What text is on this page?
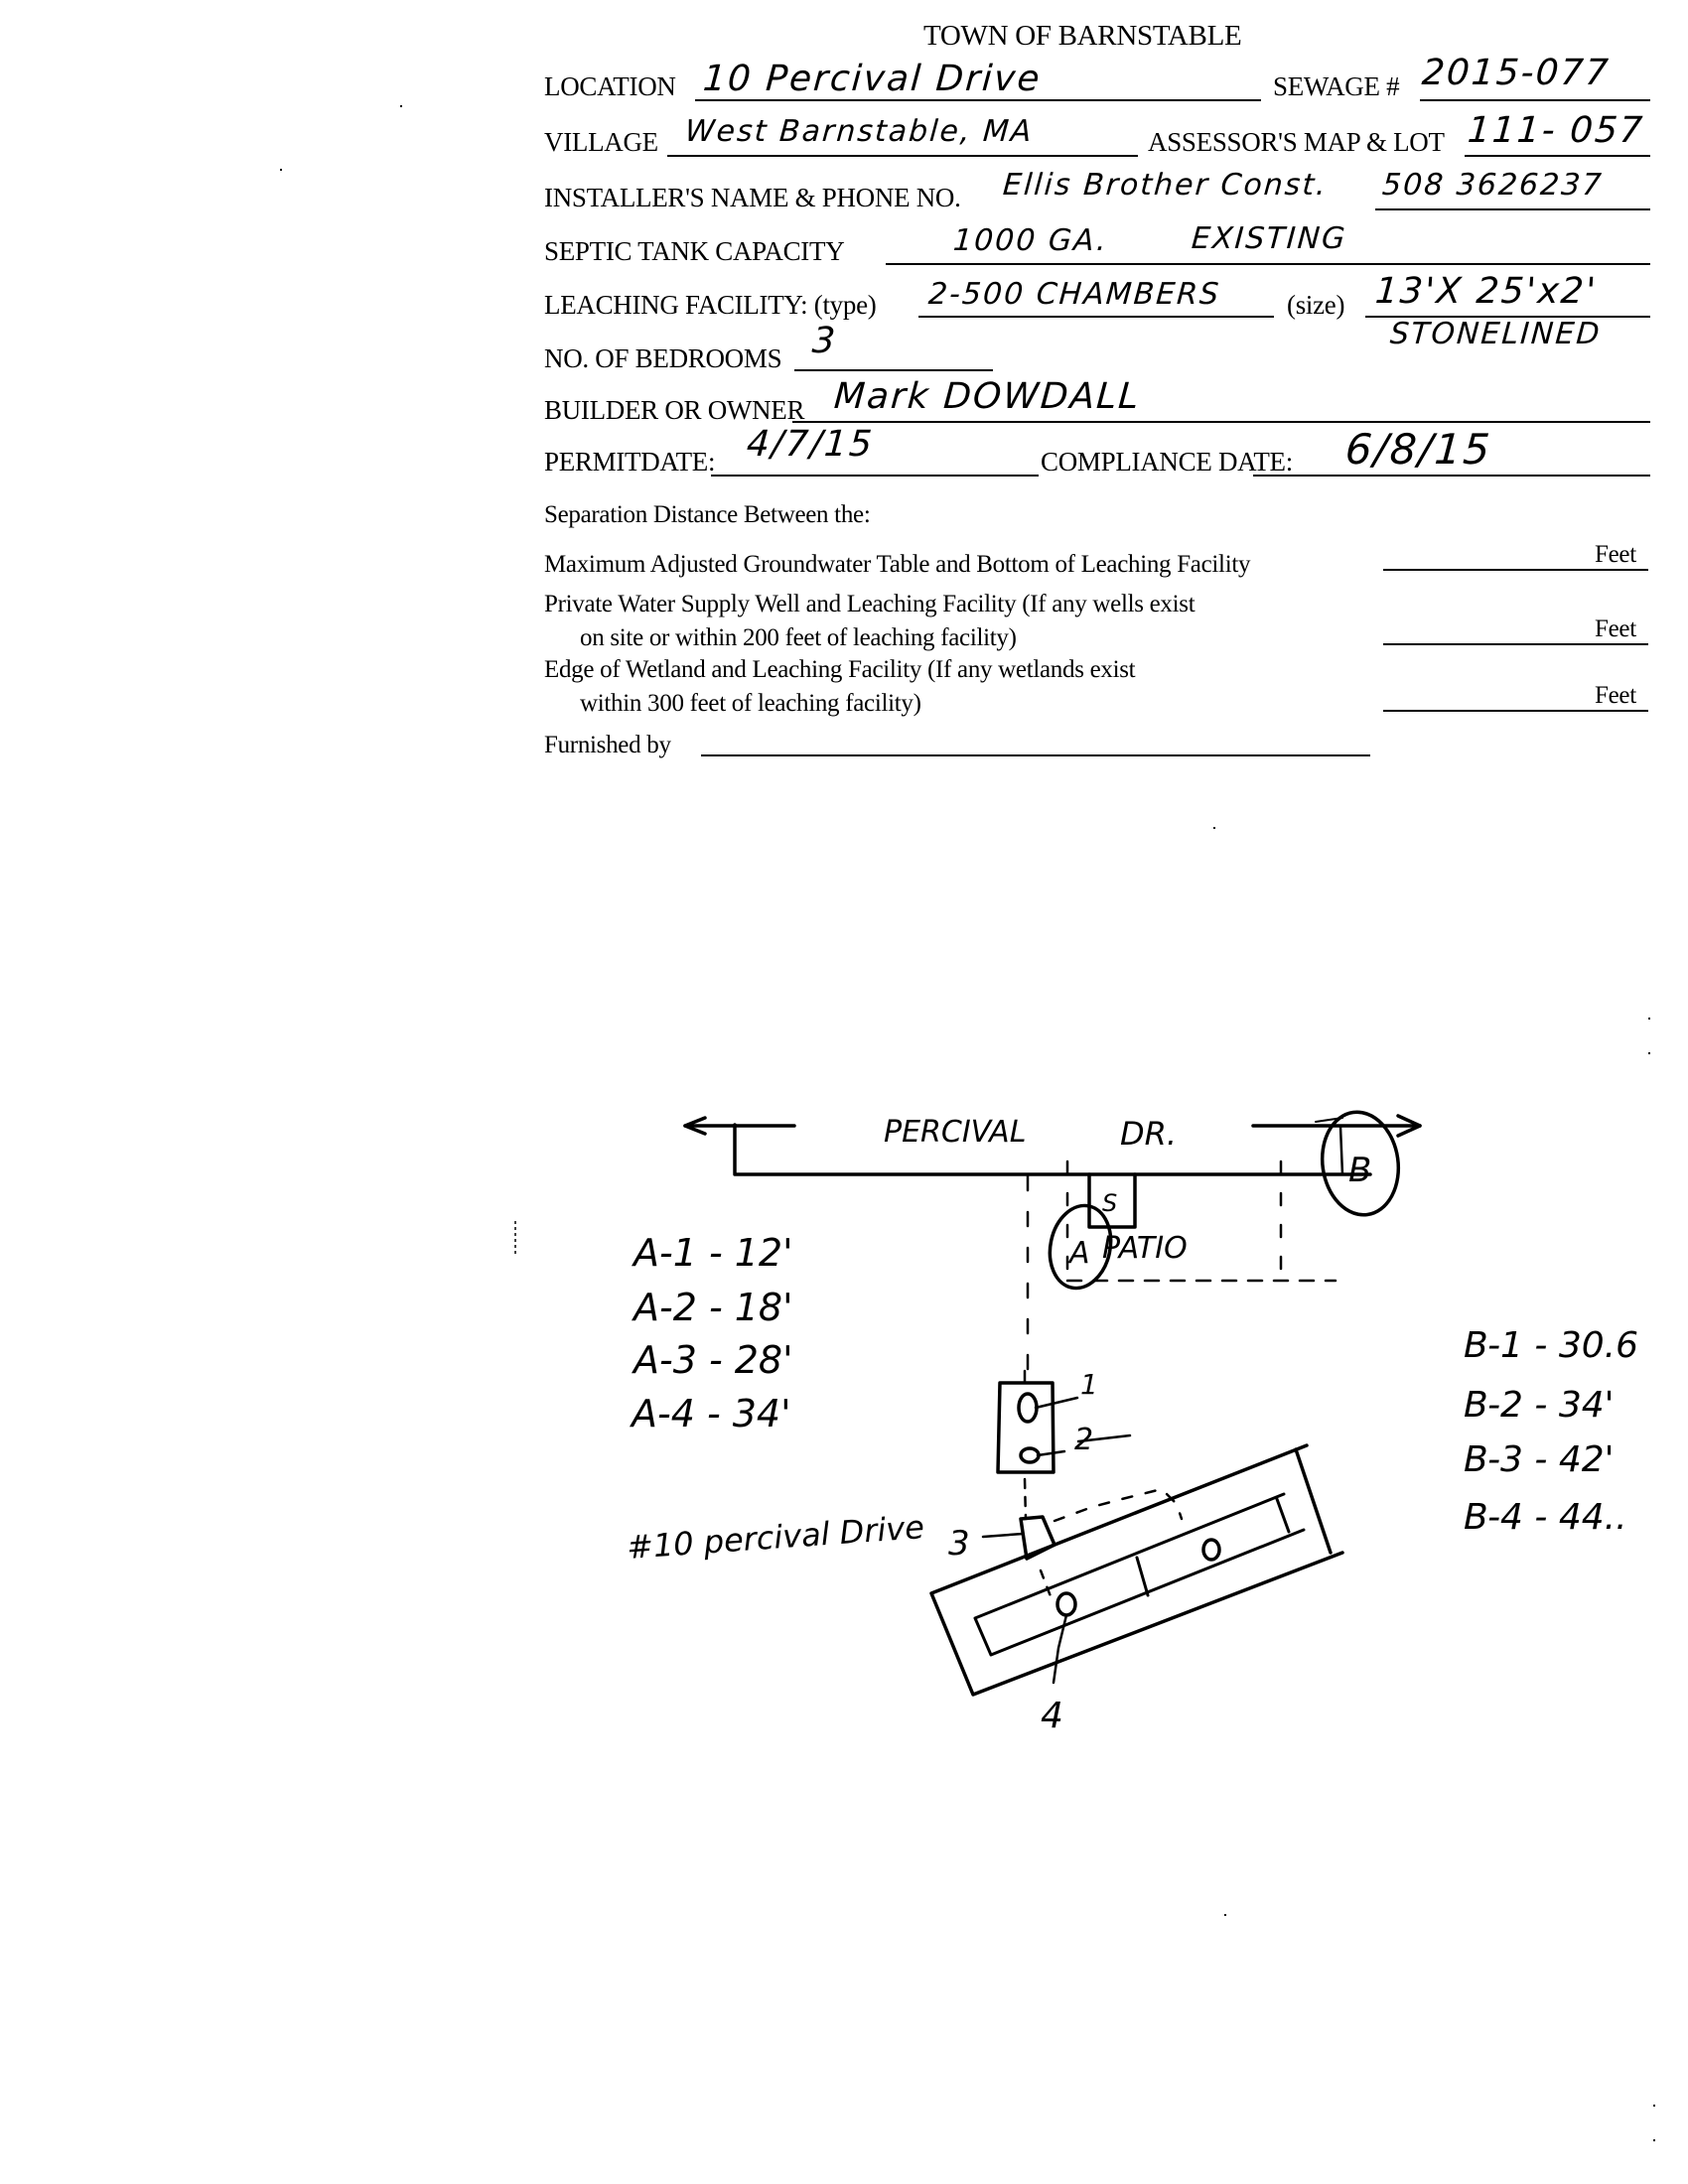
TOWN OF BARNSTABLE
LOCATION 10 Percival Drive	SEWAGE # 2015-077
VILLAGE West Barnstable, MA	ASSESSOR'S MAP & LOT 111- 057
INSTALLER'S NAME & PHONE NO. Ellis Brother Const. 508 3626237
SEPTIC TANK CAPACITY	1000 GA.	EXISTING
LEACHING FACILITY: (type) 2-500 CHAMBERS (size) 13'X 25'x2'
STONELINED
NO. OF BEDROOMS 3
BUILDER OR OWNER Mark DOWDALL
PERMITDATE: 4/7/15	COMPLIANCE DATE: 6/8/15
Separation Distance Between the:
Maximum Adjusted Groundwater Table and Bottom of Leaching Facility	Feet
Private Water Supply Well and Leaching Facility (If any wells exist
on site or within 200 feet of leaching facility)	Feet
Edge of Wetland and Leaching Facility (If any wetlands exist
within 300 feet of leaching facility)	Feet
Furnished by
PERCIVAL	DR.
S
A
B
PATIO
#10 percival Drive
1
2
3
4
A-1 - 12'
A-2 - 18'
A-3 - 28'
A-4 - 34'
B-1 - 30.6
B-2 - 34'
B-3 - 42'
B-4 - 44..
